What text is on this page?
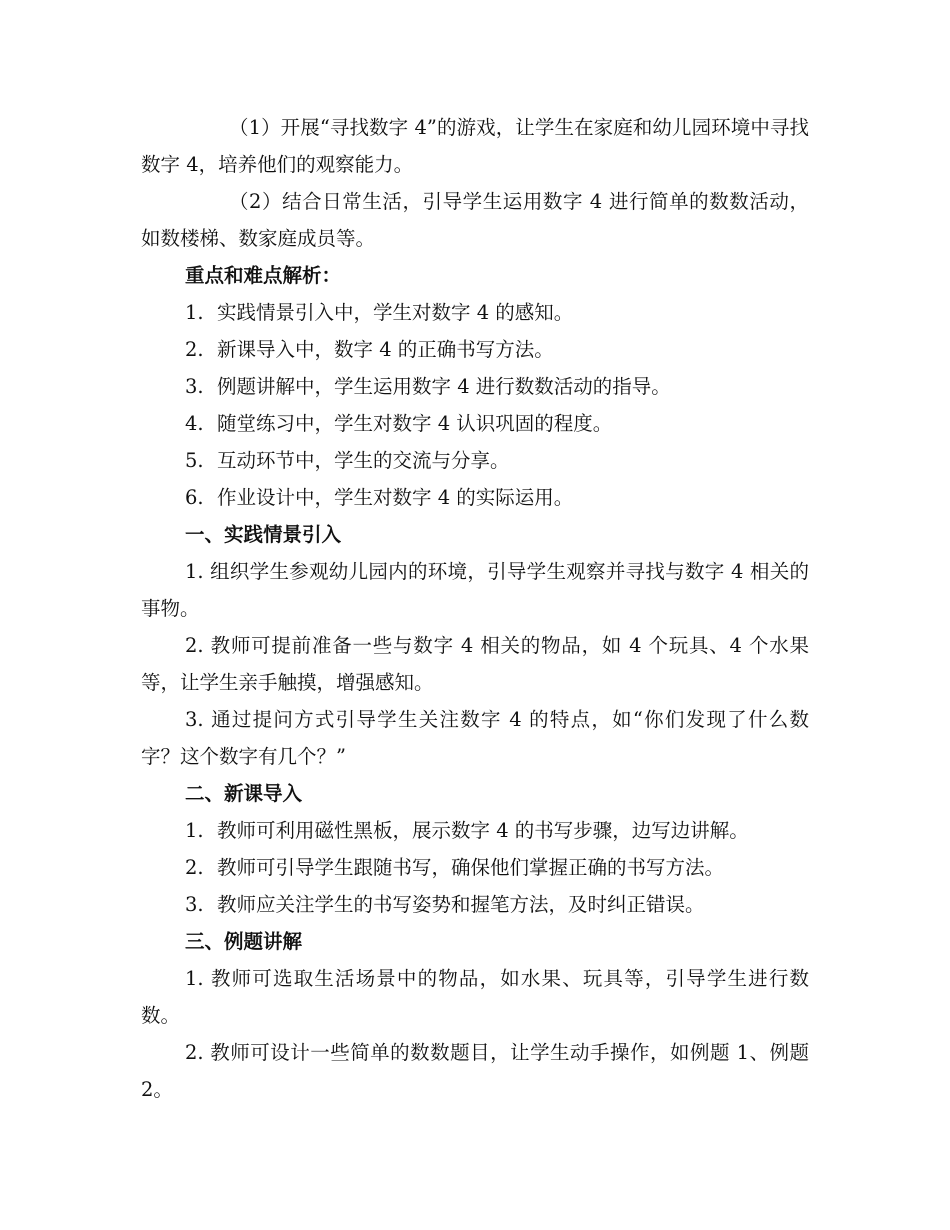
（1）开展“寻找数字 4”的游戏，让学生在家庭和幼儿园环境中寻找数字 4，培养他们的观察能力。

（2）结合日常生活，引导学生运用数字 4 进行简单的数数活动，如数楼梯、数家庭成员等。

重点和难点解析：

1. 实践情景引入中，学生对数字 4 的感知。

2. 新课导入中，数字 4 的正确书写方法。

3. 例题讲解中，学生运用数字 4 进行数数活动的指导。

4. 随堂练习中，学生对数字 4 认识巩固的程度。

5. 互动环节中，学生的交流与分享。

6. 作业设计中，学生对数字 4 的实际运用。

一、实践情景引入

1. 组织学生参观幼儿园内的环境，引导学生观察并寻找与数字 4 相关的事物。

2. 教师可提前准备一些与数字 4 相关的物品，如 4 个玩具、4 个水果等，让学生亲手触摸，增强感知。

3. 通过提问方式引导学生关注数字 4 的特点，如“你们发现了什么数字？这个数字有几个？”

二、新课导入

1. 教师可利用磁性黑板，展示数字 4 的书写步骤，边写边讲解。

2. 教师可引导学生跟随书写，确保他们掌握正确的书写方法。

3. 教师应关注学生的书写姿势和握笔方法，及时纠正错误。

三、例题讲解

1. 教师可选取生活场景中的物品，如水果、玩具等，引导学生进行数数。

2. 教师可设计一些简单的数数题目，让学生动手操作，如例题 1、例题 2。
